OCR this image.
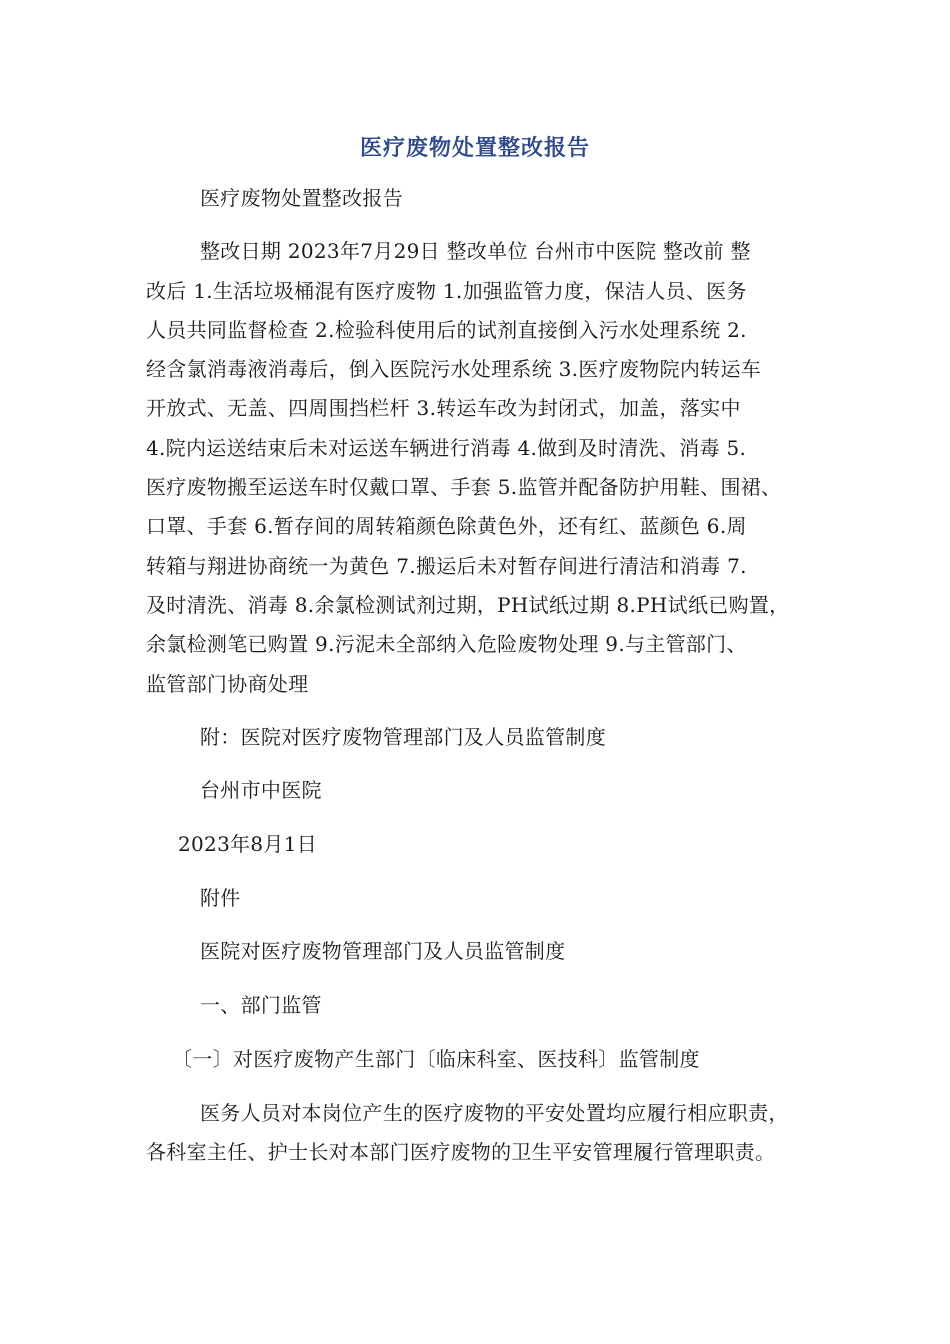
医疗废物处置整改报告
医疗废物处置整改报告
整改日期 2023年7月29日 整改单位 台州市中医院 整改前 整
改后 1.生活垃圾桶混有医疗废物 1.加强监管力度，保洁人员、医务
人员共同监督检查 2.检验科使用后的试剂直接倒入污水处理系统 2.
经含氯消毒液消毒后，倒入医院污水处理系统 3.医疗废物院内转运车
开放式、无盖、四周围挡栏杆 3.转运车改为封闭式，加盖，落实中
4.院内运送结束后未对运送车辆进行消毒 4.做到及时清洗、消毒 5.
医疗废物搬至运送车时仅戴口罩、手套 5.监管并配备防护用鞋、围裙、
口罩、手套 6.暂存间的周转箱颜色除黄色外，还有红、蓝颜色 6.周
转箱与翔进协商统一为黄色 7.搬运后未对暂存间进行清洁和消毒 7.
及时清洗、消毒 8.余氯检测试剂过期，PH试纸过期 8.PH试纸已购置，
余氯检测笔已购置 9.污泥未全部纳入危险废物处理 9.与主管部门、
监管部门协商处理
附：医院对医疗废物管理部门及人员监管制度
台州市中医院
2023年8月1日
附件
医院对医疗废物管理部门及人员监管制度
一、部门监管
〔一〕对医疗废物产生部门〔临床科室、医技科〕监管制度
医务人员对本岗位产生的医疗废物的平安处置均应履行相应职责，
各科室主任、护士长对本部门医疗废物的卫生平安管理履行管理职责。
